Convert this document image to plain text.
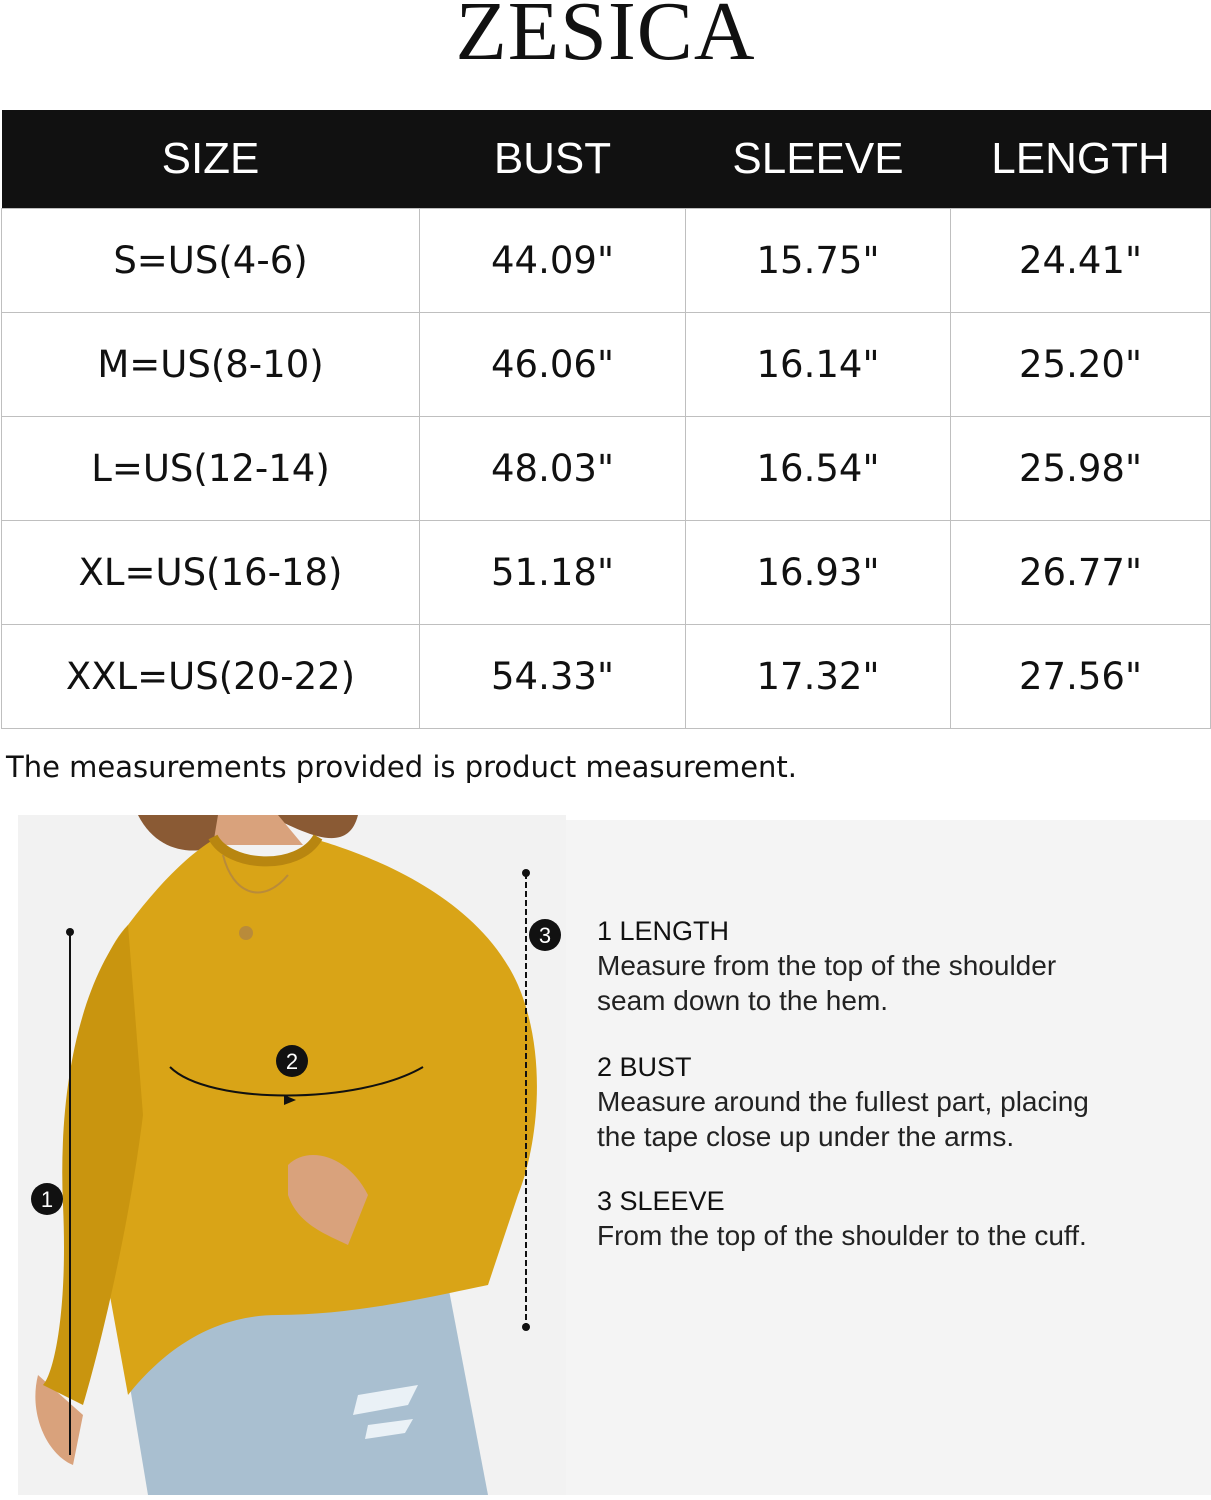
ZESICA
SIZE	BUST	SLEEVE	LENGTH
S=US(4-6)	44.09"	15.75"	24.41"
M=US(8-10)	46.06"	16.14"	25.20"
L=US(12-14)	48.03"	16.54"	25.98"
XL=US(16-18)	51.18"	16.93"	26.77"
XXL=US(20-22)	54.33"	17.32"	27.56"
The measurements provided is product measurement.
1
2
3 1 LENGTH
Measure from the top of the shoulder
seam down to the hem.
2 BUST
Measure around the fullest part, placing
the tape close up under the arms.
3 SLEEVE
From the top of the shoulder to the cuff.
